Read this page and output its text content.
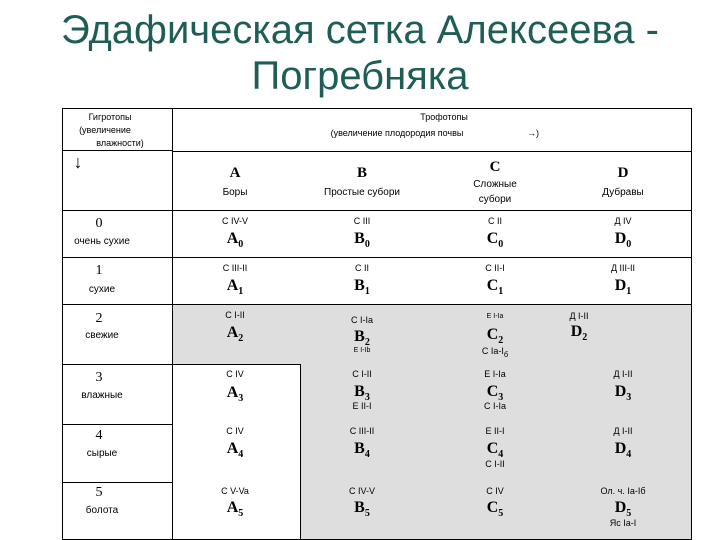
Эдафическая сетка Алексеева -
Погребняка
Гигротопы
(увеличение
влажности)
↓
Трофотопы
(увеличение плодородия почвы	→)
A
Боры
B
Простые субори
C
Сложные
субори
D
Дубравы
0
очень сухие
C IV-V
$A_0$
C III
$B_0$
C II
$C_0$
Д IV
$D_0$
1
сухие
C III-II
$A_1$
C II
$B_1$
C II-I
$C_1$
Д III-II
$D_1$
2
свежие
C I-II
$A_2$
C I-Ia
$B_2$
E I-Ib
E I-Ia
$C_2$
C $Ia-I_б$
Д I-II
$D_2$
3
влажные
C IV
$A_3$
C I-II
$B_3$
E II-I
E I-Ia
$C_3$
C I-Ia
Д I-II
$D_3$
4
сырые
C IV
$A_4$
C III-II
$B_4$
E II-I
$C_4$
C I-II
Д I-II
$D_4$
5
болота
C V-Va
$A_5$
C IV-V
$B_5$
C IV
$C_5$
Ол. ч. Ia-Iб
$D_5$
Яс Ia-I
